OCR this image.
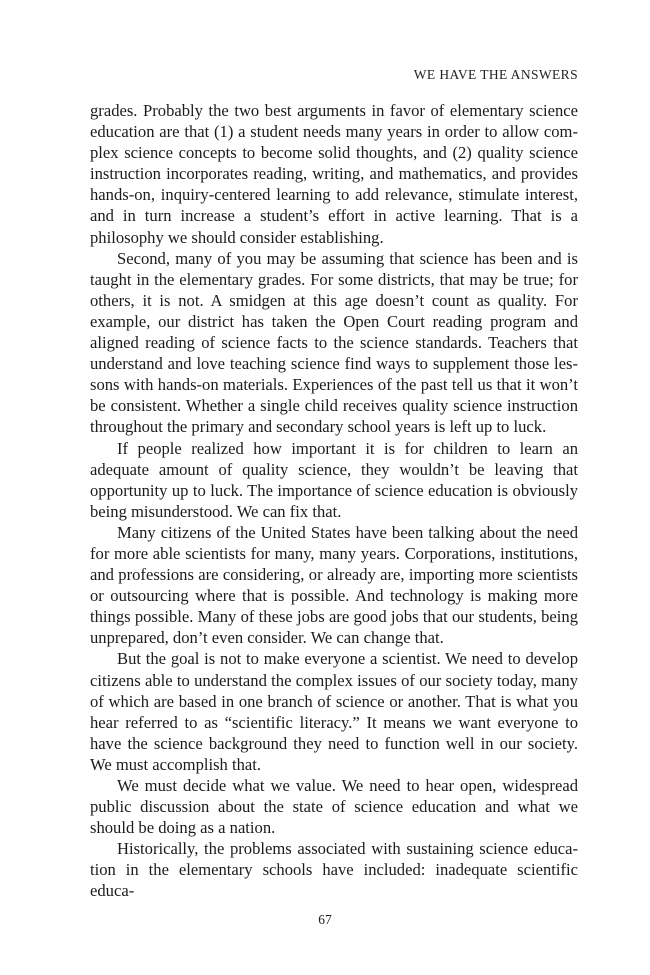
WE HAVE THE ANSWERS

grades. Probably the two best arguments in favor of elementary science education are that (1) a student needs many years in order to allow complex science concepts to become solid thoughts, and (2) quality science instruction incorporates reading, writing, and mathematics, and provides hands-on, inquiry-centered learning to add relevance, stimulate interest, and in turn increase a student’s effort in active learning. That is a philosophy we should consider establishing.

Second, many of you may be assuming that science has been and is taught in the elementary grades. For some districts, that may be true; for others, it is not. A smidgen at this age doesn’t count as quality. For example, our district has taken the Open Court reading program and aligned reading of science facts to the science standards. Teachers that understand and love teaching science find ways to supplement those lessons with hands-on materials. Experiences of the past tell us that it won’t be consistent. Whether a single child receives quality science instruction throughout the primary and secondary school years is left up to luck.

If people realized how important it is for children to learn an adequate amount of quality science, they wouldn’t be leaving that opportunity up to luck. The importance of science education is obviously being misunderstood. We can fix that.

Many citizens of the United States have been talking about the need for more able scientists for many, many years. Corporations, institutions, and professions are considering, or already are, importing more scientists or outsourcing where that is possible. And technology is making more things possible. Many of these jobs are good jobs that our students, being unprepared, don’t even consider. We can change that.

But the goal is not to make everyone a scientist. We need to develop citizens able to understand the complex issues of our society today, many of which are based in one branch of science or another. That is what you hear referred to as “scientific literacy.” It means we want everyone to have the science background they need to function well in our society. We must accomplish that.

We must decide what we value. We need to hear open, widespread public discussion about the state of science education and what we should be doing as a nation.

Historically, the problems associated with sustaining science education in the elementary schools have included: inadequate scientific educa-

67
